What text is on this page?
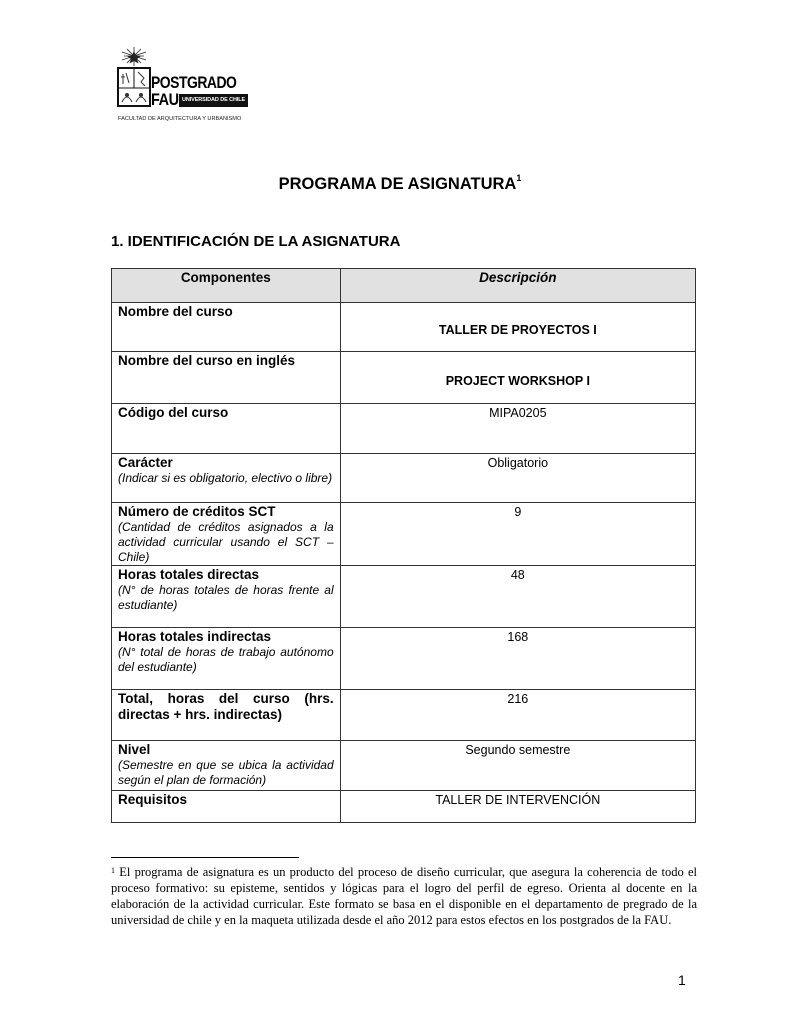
POSTGRADO
FAU UNIVERSIDAD DE CHILE
FACULTAD DE ARQUITECTURA Y URBANISMO
PROGRAMA DE ASIGNATURA$^1$
1. IDENTIFICACIÓN DE LA ASIGNATURA
Componentes	Descripción

Nombre del curso	TALLER DE PROYECTOS I

Nombre del curso en inglés	PROJECT WORKSHOP I

Código del curso	MIPA0205

Carácter
(Indicar si es obligatorio, electivo o libre)	Obligatorio

Número de créditos SCT
(Cantidad de créditos asignados a la actividad curricular usando el SCT – Chile)	9

Horas totales directas
(N° de horas totales de horas frente al estudiante)	48

Horas totales indirectas
(N° total de horas de trabajo autónomo del estudiante)	168

Total, horas del curso (hrs. directas + hrs. indirectas)	216

Nivel
(Semestre en que se ubica la actividad según el plan de formación)	Segundo semestre

Requisitos	TALLER DE INTERVENCIÓN
$^1$ El programa de asignatura es un producto del proceso de diseño curricular, que asegura la coherencia de todo el proceso formativo: su episteme, sentidos y lógicas para el logro del perfil de egreso. Orienta al docente en la elaboración de la actividad curricular. Este formato se basa en el disponible en el departamento de pregrado de la universidad de chile y en la maqueta utilizada desde el año 2012 para estos efectos en los postgrados de la FAU.
1
